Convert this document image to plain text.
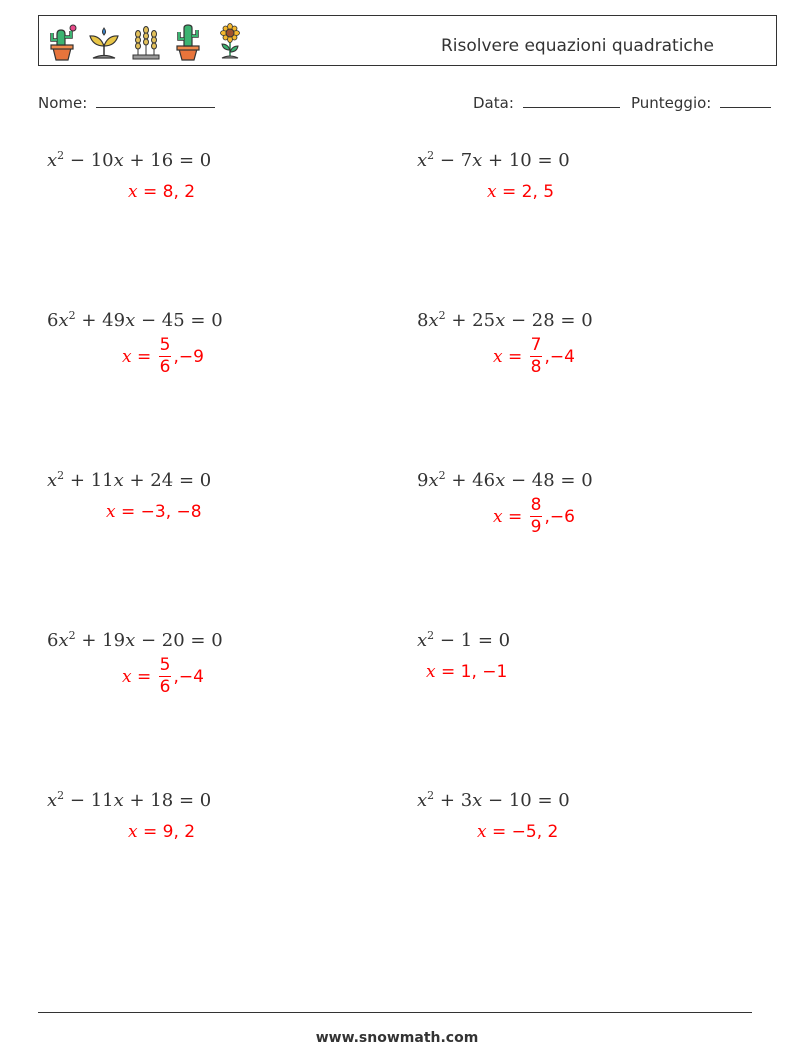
Risolvere equazioni quadratiche
Nome:	Data:	Punteggio:
$x^2 - 10x + 16 = 0$
x = 8, 2
$x^2 - 7x + 10 = 0$
x = 2, 5
$6x^2 + 49x - 45 = 0$
$x = \frac{5}{6} ,-9$
$8x^2 + 25x - 28 = 0$
$x = \frac{7}{8} ,-4$
$x^2 + 11x + 24 = 0$
x = −3, −8
$9x^2 + 46x - 48 = 0$
$x = \frac{8}{9} ,-6$
$6x^2 + 19x - 20 = 0$
$x = \frac{5}{6} ,-4$
$x^2 - 1 = 0$
x = 1, −1
$x^2 - 11x + 18 = 0$
x = 9, 2
$x^2 + 3x - 10 = 0$
x = −5, 2
www.snowmath.com
